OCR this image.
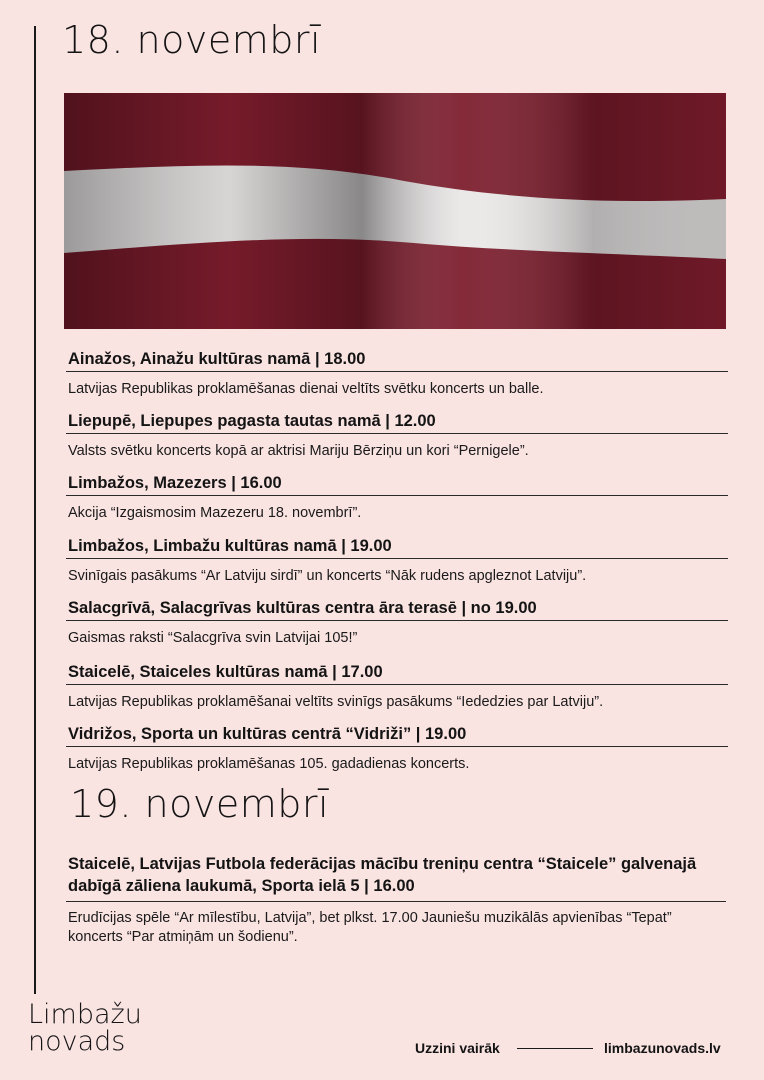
18. novembrī
Ainažos, Ainažu kultūras namā | 18.00
Latvijas Republikas proklamēšanas dienai veltīts svētku koncerts un balle.
Liepupē, Liepupes pagasta tautas namā | 12.00
Valsts svētku koncerts kopā ar aktrisi Mariju Bērziņu un kori “Pernigele”.
Limbažos, Mazezers | 16.00
Akcija “Izgaismosim Mazezeru 18. novembrī”.
Limbažos, Limbažu kultūras namā | 19.00
Svinīgais pasākums “Ar Latviju sirdī” un koncerts “Nāk rudens apgleznot Latviju”.
Salacgrīvā, Salacgrīvas kultūras centra āra terasē | no 19.00
Gaismas raksti “Salacgrīva svin Latvijai 105!”
Staicelē, Staiceles kultūras namā | 17.00
Latvijas Republikas proklamēšanai veltīts svinīgs pasākums “Iededzies par Latviju”.
Vidrižos, Sporta un kultūras centrā “Vidriži” | 19.00
Latvijas Republikas proklamēšanas 105. gadadienas koncerts.
19. novembrī
Staicelē, Latvijas Futbola federācijas mācību treniņu centra “Staicele” galvenajā dabīgā zāliena laukumā, Sporta ielā 5 | 16.00
Erudīcijas spēle “Ar mīlestību, Latvija”, bet plkst. 17.00 Jauniešu muzikālās apvienības “Tepat” koncerts “Par atmiņām un šodienu”.
Limbažu
novads	Uzzini vairāk	limbazunovads.lv
